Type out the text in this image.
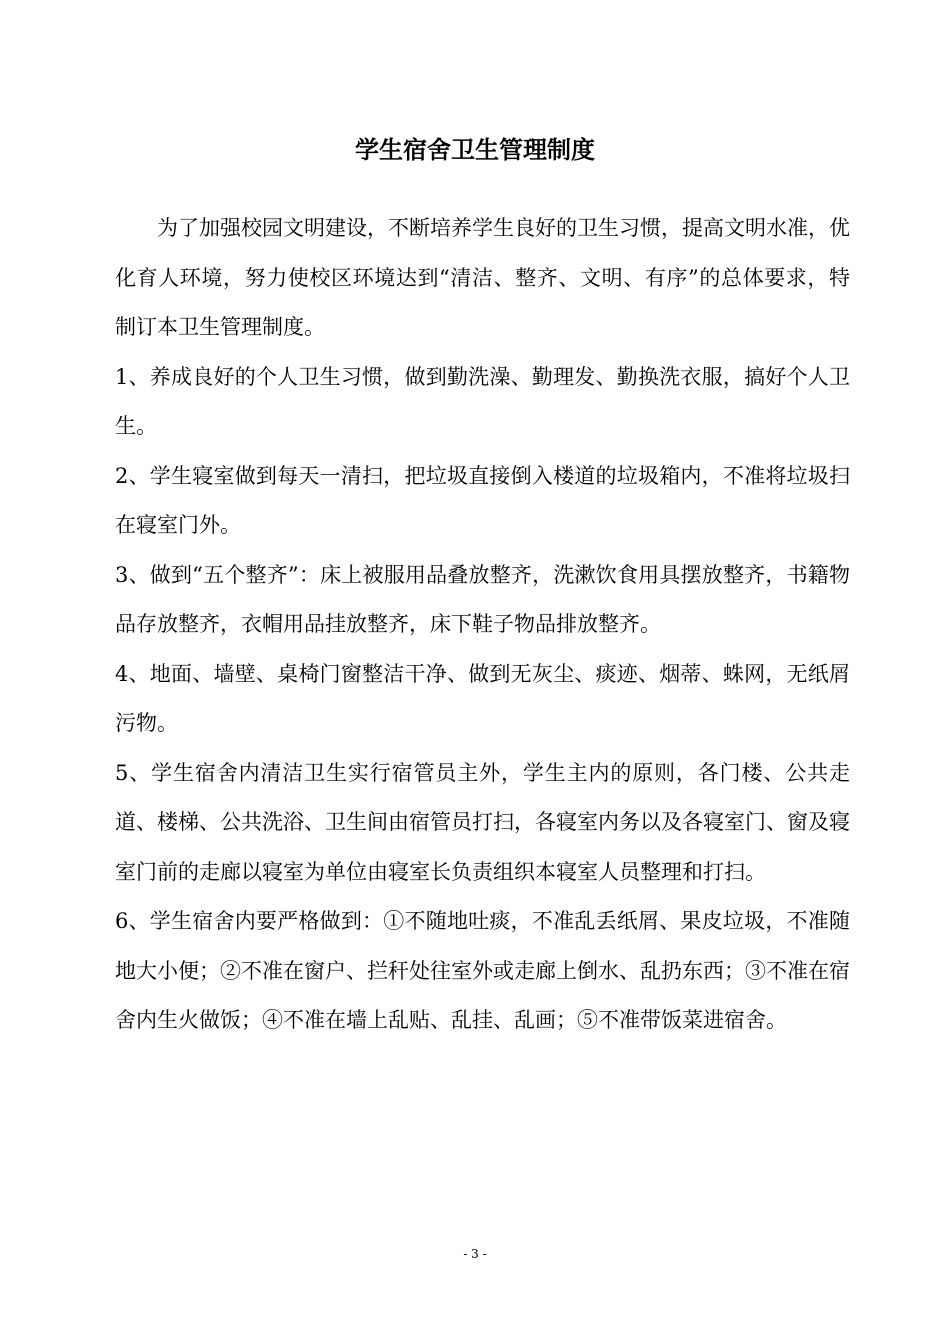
学生宿舍卫生管理制度

为了加强校园文明建设，不断培养学生良好的卫生习惯，提高文明水准，优化育人环境，努力使校区环境达到“清洁、整齐、文明、有序”的总体要求，特制订本卫生管理制度。

1、养成良好的个人卫生习惯，做到勤洗澡、勤理发、勤换洗衣服，搞好个人卫生。

2、学生寝室做到每天一清扫，把垃圾直接倒入楼道的垃圾箱内，不准将垃圾扫在寝室门外。

3、做到“五个整齐”：床上被服用品叠放整齐，洗漱饮食用具摆放整齐，书籍物品存放整齐，衣帽用品挂放整齐，床下鞋子物品排放整齐。

4、地面、墙壁、桌椅门窗整洁干净、做到无灰尘、痰迹、烟蒂、蛛网，无纸屑污物。

5、学生宿舍内清洁卫生实行宿管员主外，学生主内的原则，各门楼、公共走道、楼梯、公共洗浴、卫生间由宿管员打扫，各寝室内务以及各寝室门、窗及寝室门前的走廊以寝室为单位由寝室长负责组织本寝室人员整理和打扫。

6、学生宿舍内要严格做到：①不随地吐痰，不准乱丢纸屑、果皮垃圾，不准随地大小便；②不准在窗户、拦秆处往室外或走廊上倒水、乱扔东西；③不准在宿舍内生火做饭；④不准在墙上乱贴、乱挂、乱画；⑤不准带饭菜进宿舍。

- 3 -
